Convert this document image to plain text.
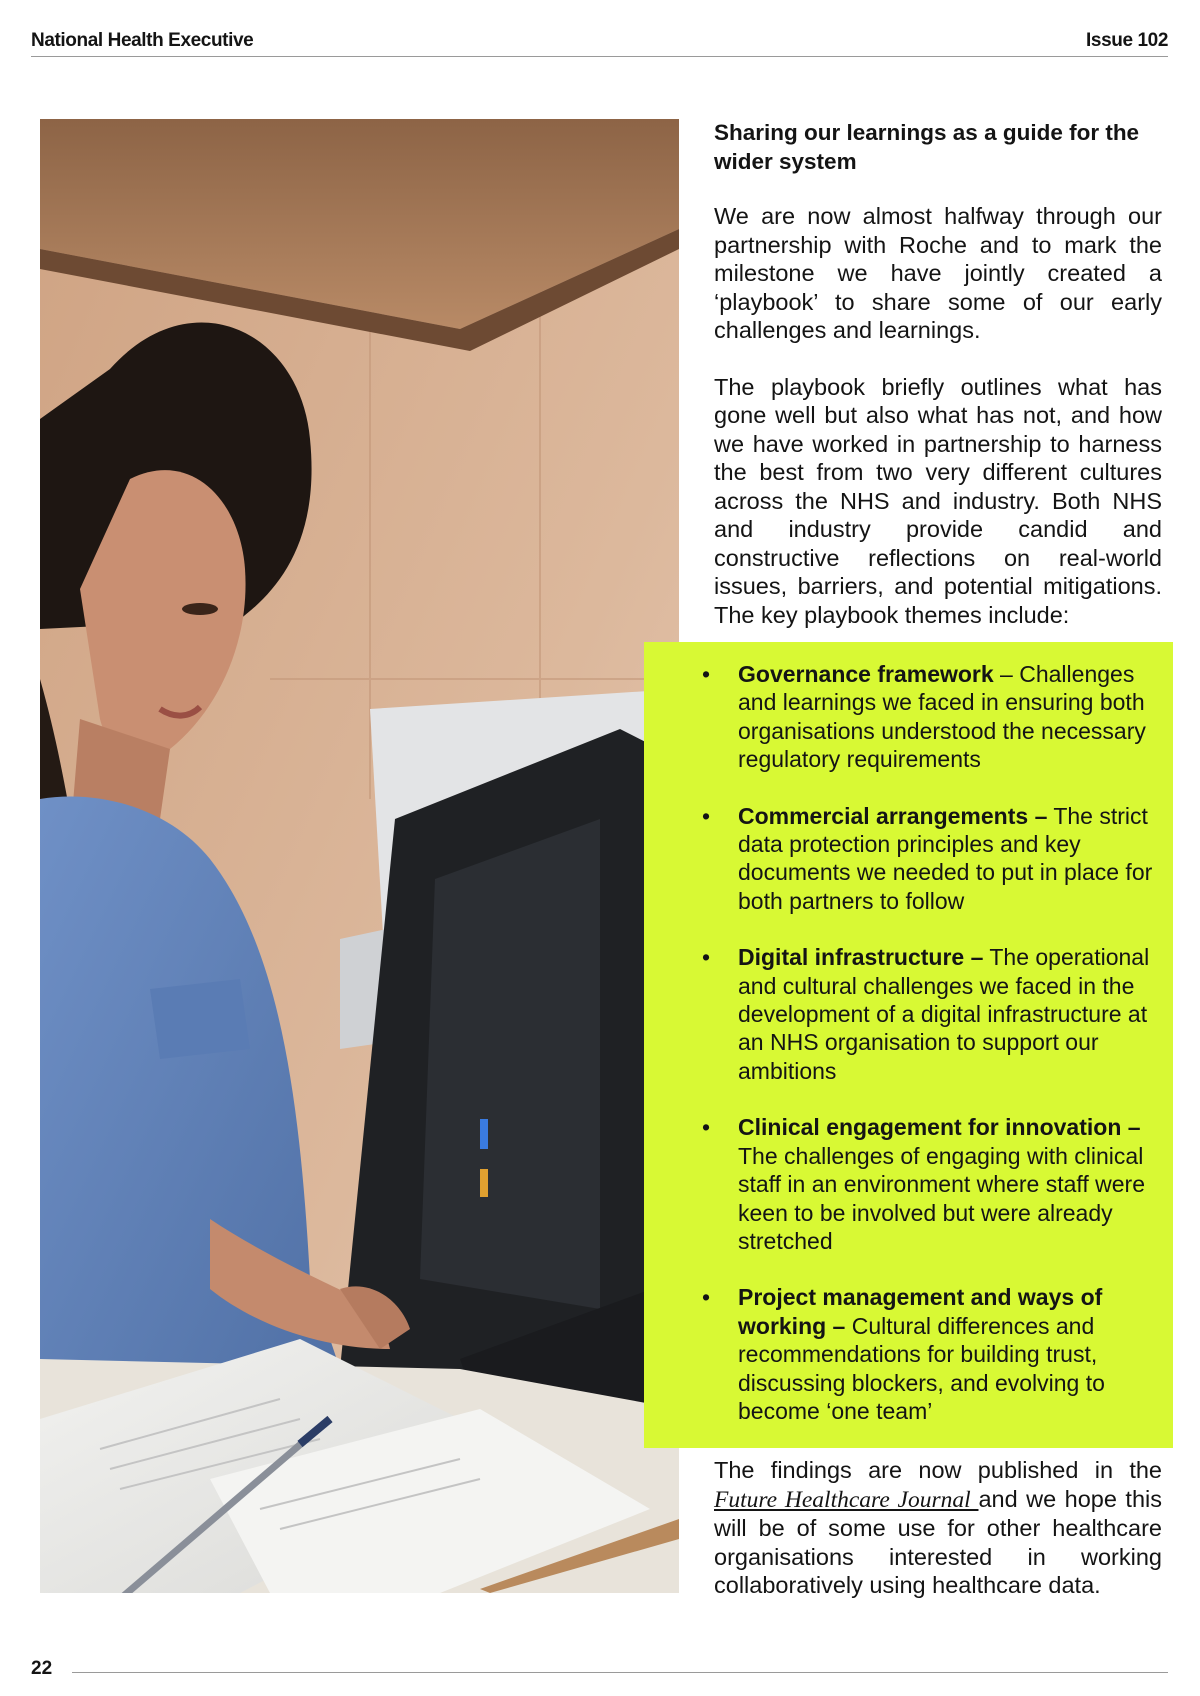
National Health Executive	Issue 102
Sharing our learnings as a guide for the wider system

We are now almost halfway through our partnership with Roche and to mark the milestone we have jointly created a ‘playbook’ to share some of our early challenges and learnings.

The playbook briefly outlines what has gone well but also what has not, and how we have worked in partnership to harness the best from two very different cultures across the NHS and industry. Both NHS and industry provide candid and constructive reflections on real-world issues, barriers, and potential mitigations. The key playbook themes include:

• Governance framework – Challenges and learnings we faced in ensuring both organisations understood the necessary regulatory requirements
• Commercial arrangements – The strict data protection principles and key documents we needed to put in place for both partners to follow
• Digital infrastructure – The operational and cultural challenges we faced in the development of a digital infrastructure at an NHS organisation to support our ambitions
• Clinical engagement for innovation – The challenges of engaging with clinical staff in an environment where staff were keen to be involved but were already stretched
• Project management and ways of working – Cultural differences and recommendations for building trust, discussing blockers, and evolving to become ‘one team’

The findings are now published in the Future Healthcare Journal and we hope this will be of some use for other healthcare organisations interested in working collaboratively using healthcare data.

22
